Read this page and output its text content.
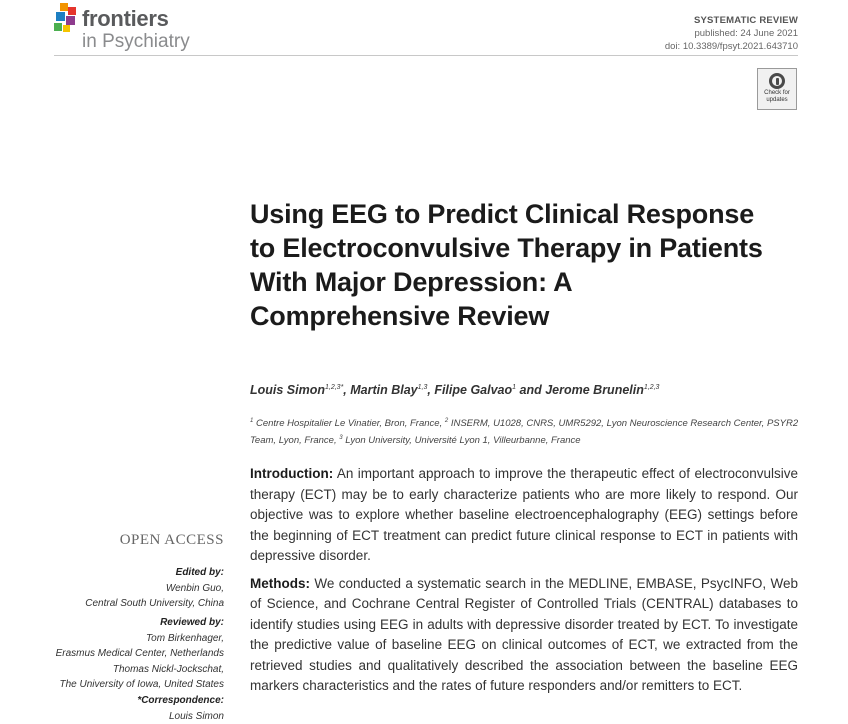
frontiers
in Psychiatry
SYSTEMATIC REVIEW
published: 24 June 2021
doi: 10.3389/fpsyt.2021.643710
Check for
updates
Using EEG to Predict Clinical Response to Electroconvulsive Therapy in Patients With Major Depression: A Comprehensive Review
Louis Simon$^{1,2,3*}$, Martin Blay$^{1,3}$, Filipe Galvao$^1$ and Jerome Brunelin$^{1,2,3}$
$^1$ Centre Hospitalier Le Vinatier, Bron, France, $^2$ INSERM, U1028, CNRS, UMR5292, Lyon Neuroscience Research Center, PSYR2 Team, Lyon, France, $^3$ Lyon University, Université Lyon 1, Villeurbanne, France

Introduction: An important approach to improve the therapeutic effect of electroconvulsive therapy (ECT) may be to early characterize patients who are more likely to respond. Our objective was to explore whether baseline electroencephalography (EEG) settings before the beginning of ECT treatment can predict future clinical response to ECT in patients with depressive disorder.

Methods: We conducted a systematic search in the MEDLINE, EMBASE, PsycINFO, Web of Science, and Cochrane Central Register of Controlled Trials (CENTRAL) databases to identify studies using EEG in adults with depressive disorder treated by ECT. To investigate the predictive value of baseline EEG on clinical outcomes of ECT, we extracted from the retrieved studies and qualitatively described the association between the baseline EEG markers characteristics and the rates of future responders and/or remitters to ECT.

OPEN ACCESS
Edited by:
Wenbin Guo,
Central South University, China
Reviewed by:
Tom Birkenhager,
Erasmus Medical Center, Netherlands
Thomas Nickl-Jockschat,
The University of Iowa, United States
*Correspondence:
Louis Simon
